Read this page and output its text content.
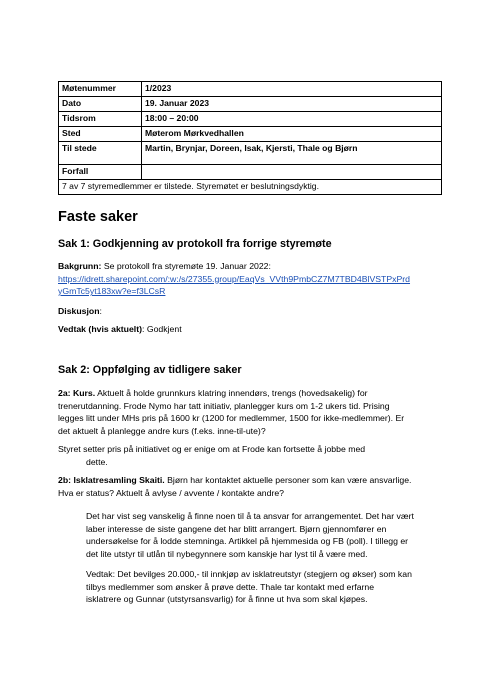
Møtenummer	1/2023
Dato	19. Januar 2023
Tidsrom	18:00 – 20:00
Sted	Møterom Mørkvedhallen
Til stede	Martin, Brynjar, Doreen, Isak, Kjersti, Thale og Bjørn
Forfall	
7 av 7 styremedlemmer er tilstede. Styremøtet er beslutningsdyktig.	
Faste saker
Sak 1: Godkjenning av protokoll fra forrige styremøte

Bakgrunn: Se protokoll fra styremøte 19. Januar 2022:
https://idrett.sharepoint.com/:w:/s/27355.group/EaqVs_VVth9PmbCZ7M7TBD4BlVSTPxPrd
yGmTc5yt183xw?e=f3LCsR

Diskusjon:

Vedtak (hvis aktuelt): Godkjent

Sak 2: Oppfølging av tidligere saker

2a: Kurs. Aktuelt å holde grunnkurs klatring innendørs, trengs (hovedsakelig) for
trenerutdanning. Frode Nymo har tatt initiativ, planlegger kurs om 1-2 ukers tid. Prising
legges litt under MHs pris på 1600 kr (1200 for medlemmer, 1500 for ikke-medlemmer). Er
det aktuelt å planlegge andre kurs (f.eks. inne-til-ute)?

Styret setter pris på initiativet og er enige om at Frode kan fortsette å jobbe med
dette.

2b: Isklatresamling Skaiti. Bjørn har kontaktet aktuelle personer som kan være ansvarlige.
Hva er status? Aktuelt å avlyse / avvente / kontakte andre?

Det har vist seg vanskelig å finne noen til å ta ansvar for arrangementet. Det har vært
laber interesse de siste gangene det har blitt arrangert. Bjørn gjennomfører en
undersøkelse for å lodde stemninga. Artikkel på hjemmesida og FB (poll). I tillegg er
det lite utstyr til utlån til nybegynnere som kanskje har lyst til å være med.

Vedtak: Det bevilges 20.000,- til innkjøp av isklatreutstyr (stegjern og økser) som kan
tilbys medlemmer som ønsker å prøve dette. Thale tar kontakt med erfarne
isklatrere og Gunnar (utstyrsansvarlig) for å finne ut hva som skal kjøpes.
